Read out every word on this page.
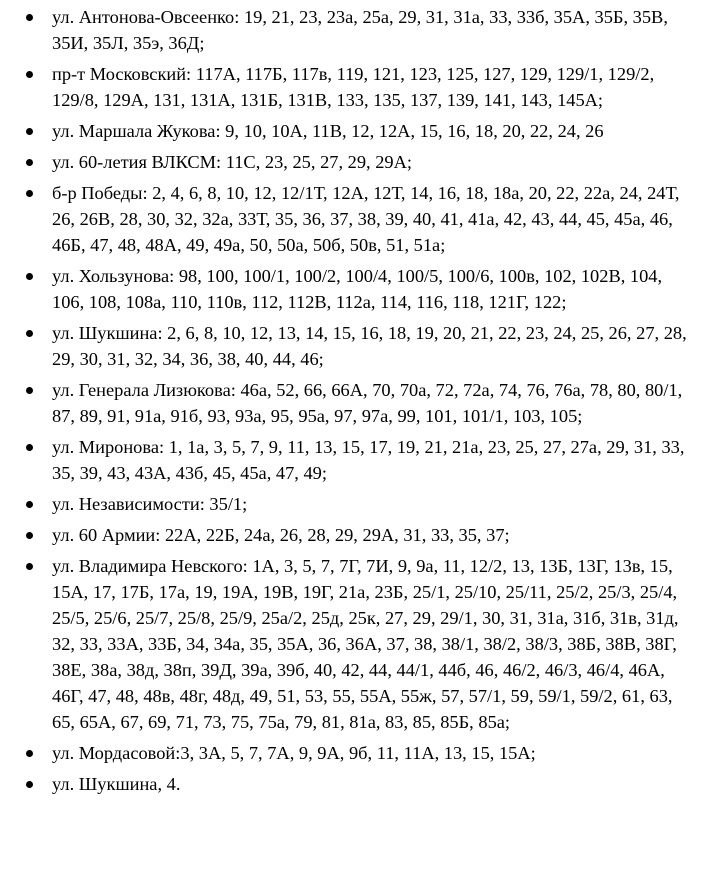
ул. Антонова-Овсеенко: 19, 21, 23, 23а, 25а, 29, 31, 31а, 33, 33б, 35А, 35Б, 35В, 35И, 35Л, 35э, 36Д;
пр-т Московский: 117А, 117Б, 117в, 119, 121, 123, 125, 127, 129, 129/1, 129/2, 129/8, 129А, 131, 131А, 131Б, 131В, 133, 135, 137, 139, 141, 143, 145А;
ул. Маршала Жукова: 9, 10, 10А, 11В, 12, 12А, 15, 16, 18, 20, 22, 24, 26
ул. 60-летия ВЛКСМ: 11С, 23, 25, 27, 29, 29А;
б-р Победы: 2, 4, 6, 8, 10, 12, 12/1Т, 12А, 12Т, 14, 16, 18, 18а, 20, 22, 22а, 24, 24Т, 26, 26В, 28, 30, 32, 32а, 33Т, 35, 36, 37, 38, 39, 40, 41, 41а, 42, 43, 44, 45, 45а, 46, 46Б, 47, 48, 48А, 49, 49а, 50, 50а, 50б, 50в, 51, 51а;
ул. Хользунова: 98, 100, 100/1, 100/2, 100/4, 100/5, 100/6, 100в, 102, 102В, 104, 106, 108, 108а, 110, 110в, 112, 112В, 112а, 114, 116, 118, 121Г, 122;
ул. Шукшина: 2, 6, 8, 10, 12, 13, 14, 15, 16, 18, 19, 20, 21, 22, 23, 24, 25, 26, 27, 28, 29, 30, 31, 32, 34, 36, 38, 40, 44, 46;
ул. Генерала Лизюкова: 46а, 52, 66, 66А, 70, 70а, 72, 72а, 74, 76, 76а, 78, 80, 80/1, 87, 89, 91, 91а, 91б, 93, 93а, 95, 95а, 97, 97а, 99, 101, 101/1, 103, 105;
ул. Миронова: 1, 1а, 3, 5, 7, 9, 11, 13, 15, 17, 19, 21, 21а, 23, 25, 27, 27а, 29, 31, 33, 35, 39, 43, 43А, 43б, 45, 45а, 47, 49;
ул. Независимости: 35/1;
ул. 60 Армии: 22А, 22Б, 24а, 26, 28, 29, 29А, 31, 33, 35, 37;
ул. Владимира Невского: 1А, 3, 5, 7, 7Г, 7И, 9, 9а, 11, 12/2, 13, 13Б, 13Г, 13в, 15, 15А, 17, 17Б, 17а, 19, 19А, 19В, 19Г, 21а, 23Б, 25/1, 25/10, 25/11, 25/2, 25/3, 25/4, 25/5, 25/6, 25/7, 25/8, 25/9, 25а/2, 25д, 25к, 27, 29, 29/1, 30, 31, 31а, 31б, 31в, 31д, 32, 33, 33А, 33Б, 34, 34а, 35, 35А, 36, 36А, 37, 38, 38/1, 38/2, 38/3, 38Б, 38В, 38Г, 38Е, 38а, 38д, 38п, 39Д, 39а, 39б, 40, 42, 44, 44/1, 44б, 46, 46/2, 46/3, 46/4, 46А, 46Г, 47, 48, 48в, 48г, 48д, 49, 51, 53, 55, 55А, 55ж, 57, 57/1, 59, 59/1, 59/2, 61, 63, 65, 65А, 67, 69, 71, 73, 75, 75а, 79, 81, 81а, 83, 85, 85Б, 85а;
ул. Мордасовой:3, 3А, 5, 7, 7А, 9, 9А, 9б, 11, 11А, 13, 15, 15А;
ул. Шукшина, 4.
